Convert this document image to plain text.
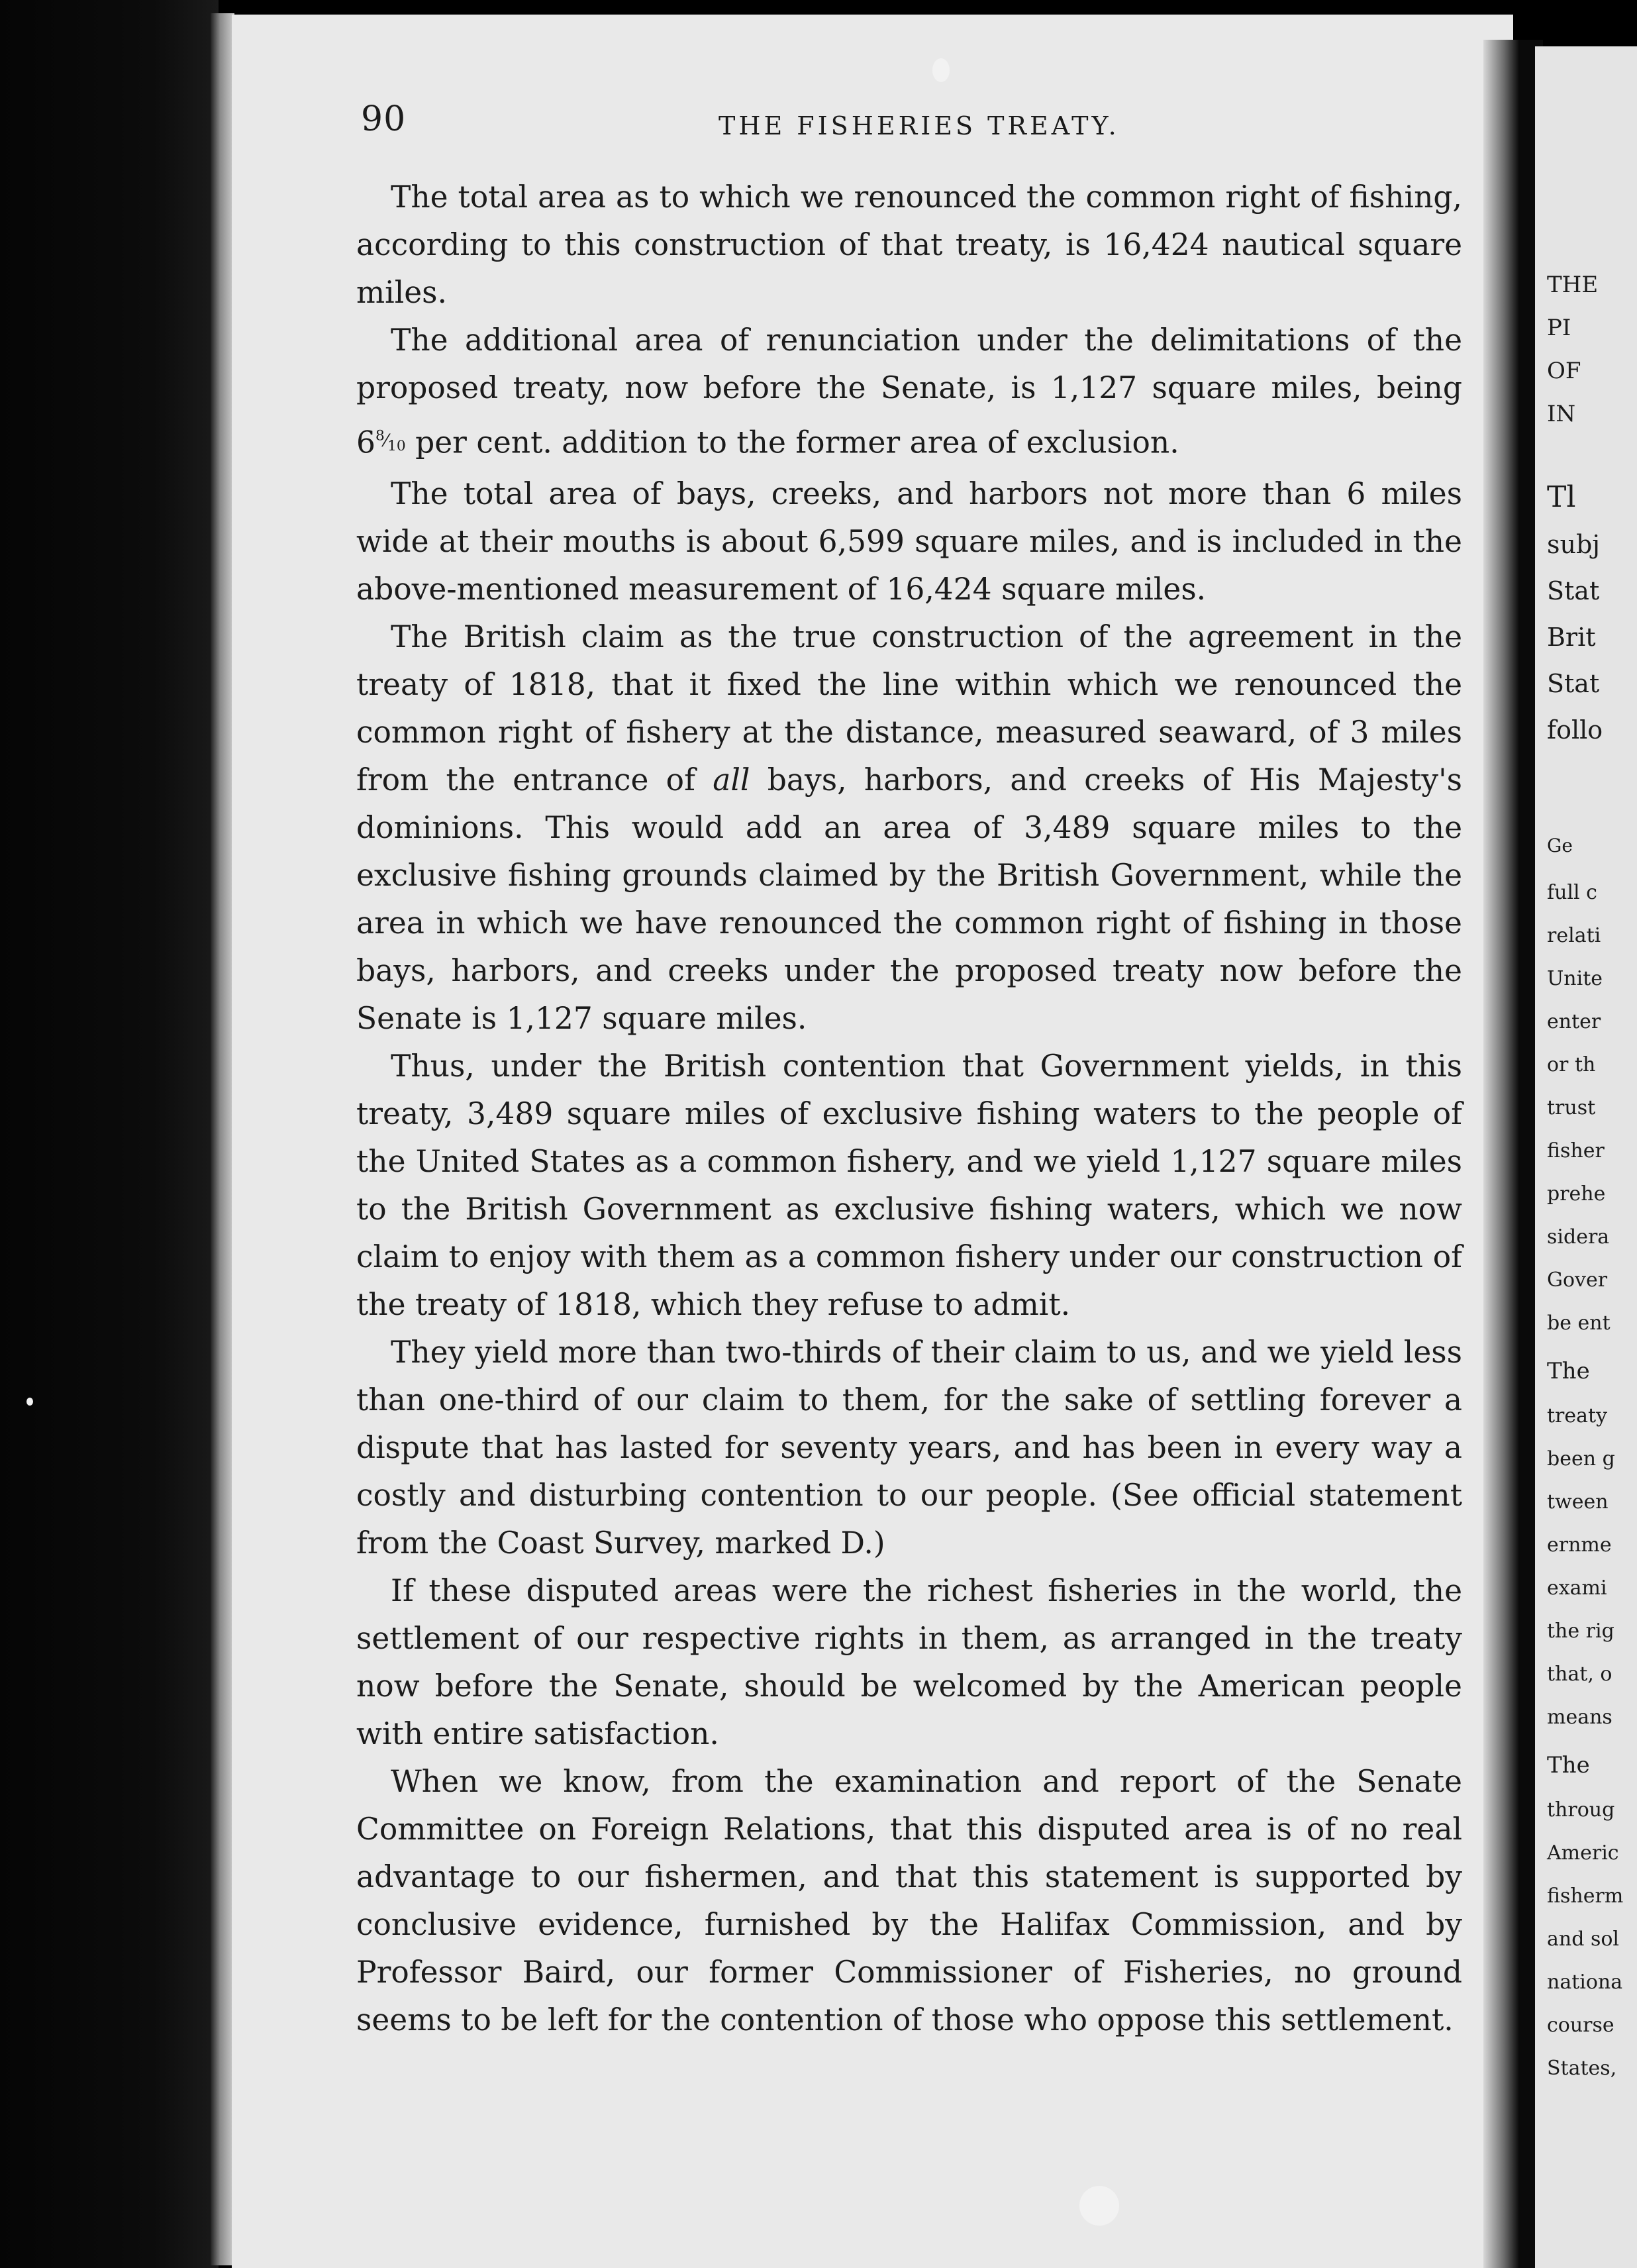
90	THE FISHERIES TREATY.

The total area as to which we renounced the common right of fishing, according to this construction of that treaty, is 16,424 nautical square miles.

The additional area of renunciation under the delimitations of the proposed treaty, now before the Senate, is 1,127 square miles, being $6^{^8⁄_{10}}$ per cent. addition to the former area of exclusion.

The total area of bays, creeks, and harbors not more than 6 miles wide at their mouths is about 6,599 square miles, and is included in the above-mentioned measurement of 16,424 square miles.

The British claim as the true construction of the agreement in the treaty of 1818, that it fixed the line within which we renounced the common right of fishery at the distance, measured seaward, of 3 miles from the entrance of all bays, harbors, and creeks of His Majesty's dominions. This would add an area of 3,489 square miles to the exclusive fishing grounds claimed by the British Government, while the area in which we have renounced the common right of fishing in those bays, harbors, and creeks under the proposed treaty now before the Senate is 1,127 square miles.

Thus, under the British contention that Government yields, in this treaty, 3,489 square miles of exclusive fishing waters to the people of the United States as a common fishery, and we yield 1,127 square miles to the British Government as exclusive fishing waters, which we now claim to enjoy with them as a common fishery under our construction of the treaty of 1818, which they refuse to admit.

They yield more than two-thirds of their claim to us, and we yield less than one-third of our claim to them, for the sake of settling forever a dispute that has lasted for seventy years, and has been in every way a costly and disturbing contention to our people. (See official statement from the Coast Survey, marked D.)

If these disputed areas were the richest fisheries in the world, the settlement of our respective rights in them, as arranged in the treaty now before the Senate, should be welcomed by the American people with entire satisfaction.

When we know, from the examination and report of the Senate Committee on Foreign Relations, that this disputed area is of no real advantage to our fishermen, and that this statement is supported by conclusive evidence, furnished by the Halifax Commission, and by Professor Baird, our former Commissioner of Fisheries, no ground seems to be left for the contention of those who oppose this settlement.

THE
PI
OF
IN
Tl
subj
Stat
Brit
Stat
follo
Ge
full c
relati
Unite
enter
or th
trust
fisher
prehe
sidera
Gover
be ent
The
treaty
been g
tween
ernme
exami
the rig
that, o
means
The
throug
Americ
fisherm
and sol
nationa
course
States,
